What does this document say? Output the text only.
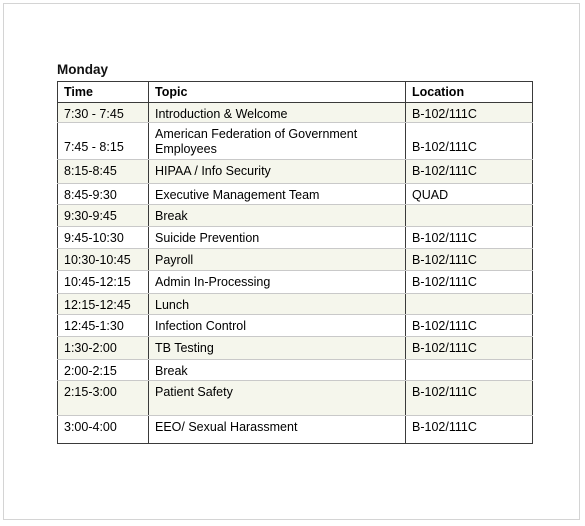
Monday
Time	Topic	Location

7:30 - 7:45	Introduction & Welcome	B-102/111C

7:45 - 8:15	American Federation of Government Employees	B-102/111C

8:15-8:45	HIPAA / Info Security	B-102/111C

8:45-9:30	Executive Management Team	QUAD

9:30-9:45	Break	

9:45-10:30	Suicide Prevention	B-102/111C

10:30-10:45	Payroll	B-102/111C

10:45-12:15	Admin In-Processing	B-102/111C

12:15-12:45	Lunch	

12:45-1:30	Infection Control	B-102/111C

1:30-2:00	TB Testing	B-102/111C

2:00-2:15	Break	

2:15-3:00	Patient Safety	B-102/111C

3:00-4:00	EEO/ Sexual Harassment	B-102/111C
